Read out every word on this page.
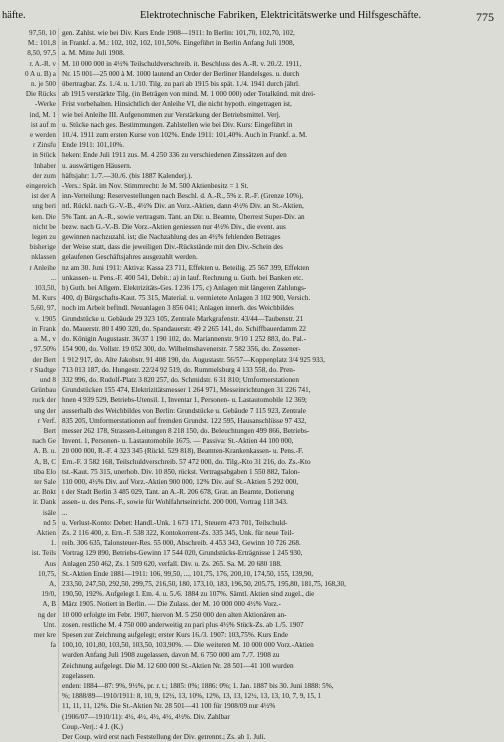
häfte.	Elektrotechnische Fabriken, Elektricitätswerke und Hilfsgeschäfte.	775
97,50, 10
M.: 101,8
8,50, 97,5
r. A.-R. v
0 A u. B) a
n. je 500
Die Rücks
-Werke
ind, M. 1
ist auf m
e werden
r Zinsfu
in Stück
Inhaber
der zum
eingereich
ist der A
ung beri
ken. Die
nicht be
legen zu
bisherige
nklassen
r Anleihe
...
103,50,
M. Kurs
5,60, 97,
v. 1905
in Frank
a. M., v
, 97.50%
der Bert
r Stadtge
und 8
Grünbau
ruck der
ung der
r Verf.
Bert
nach Ge
A. B. u.
A, B, C
tiba Elo
ter Sale
ar. Bnkt
ir. Dank
isäle
nd 5
Aktien
1.
ist. Teils
Aus
10,75,
A,
19/0,
A, B
ng der
Unt.
mer kre
fa
gen. Zahlst. wie bei Div. Kurs Ende 1908—1911: In Berlin: 101,70, 102,70, 102,
in Frankf. a. M.: 102, 102, 102, 101,50%. Eingeführt in Berlin Anfang Juli 1908,
a. M. Mitte Juli 1908.
M. 10 000 000 in 4½% Teilschuldverschreib. it. Beschluss des A.-R. v. 20./2. 1911,
Nr. 15 001—25 000 à M. 1000 lautend an Order der Berliner Handelsges. u. durch
übertragbar. Zs. 1./4. u. 1./10. Tilg. zu pari ab 1915 bis spät. 1./4. 1941 durch jährl.
ab 1915 verstärkte Tilg. (in Beträgen von mind. M. 1 000 000) oder Totalkünd. mit drei-
Frist vorbehalten. Hinsichtlich der Anleihe VI, die nicht hypoth. eingetragen ist,
wie bei Anleihe III. Aufgenommen zur Verstärkung der Betriebsmittel. Verj.
u. Stücke nach ges. Bestimmungen. Zahlstellen wie bei Div. Kurs: Eingeführt in
10./4. 1911 zum ersten Kurse von 102%. Ende 1911: 101,40%. Auch in Frankf. a. M.
Ende 1911: 101,10%.
heken: Ende Juli 1911 zus. M. 4 250 336 zu verschiedenen Zinssätzen auf den
u. auswärtigen Häusern.
häftsjahr: 1./7.—30./6. (bis 1887 Kalenderj.).
-Vers.: Spät. im Nov. Stimmrecht: Je M. 500 Aktienbesitz = 1 St.
inn-Verteilung: Reservestellungen nach Beschl. d. A.-R., 5% z. R.-F. (Grenze 10%),
ntl. Rückl. nach G.-V.-B., 4½% Div. an Vorz.-Aktien, dann 4½% Div. an St.-Aktien,
5% Tant. an A.-R., sowie vertragsm. Tant. an Dir. u. Beamte, Überrest Super-Div. an
bezw. nach G.-V.-B. Die Vorz.-Aktien geniessen nur 4½% Div., die event. aus
gewinnen nachzuzahl. ist; die Nachzahlung des an 4½% fehlenden Betrages
der Weise statt, dass die jeweiligen Div.-Rückstände mit den Div.-Schein des
gelaufenen Geschäftsjahres ausgezahlt werden.
nz am 30. Juni 1911: Aktiva: Kassa 23 711, Effekten u. Beteilig. 25 567 399, Effekten
unkassen- u. Pens.-F. 400 541, Debit.: a) in lauf. Rechnung u. Guth. bei Banken etc.
b) Guth. bei Allgem. Elektrizitäts-Ges. I 236 175, c) Anlagen mit längeren Zahlungs-
400, d) Bürgschafts-Kaut. 75 315, Material. u. vermietete Anlagen 3 102 900, Versich.
noch im Arbeit befindl. Neuanlagen 3 856 041; Anlagen innerh. des Weichbildes
Grundstücke u. Gebäude 29 323 105, Zentrale Markgrafenstr. 43/44—Taubenstr. 21
do. Mauerstr. 80 I 490 320, do. Spandauerstr. 49 2 265 141, do. Schiffbauerdamm 22
do. Königin Augustastr. 36/37 1 190 102, do. Mariannenstr. 9/10 1 252 883, do. Pal.-
154 900, do. Vollstr. 19 052 300, do. Wilhelmshavenerstr. 7 582 356, do. Zossener-
1 912 917, do. Alte Jakobstr. 91 408 190, do. Augustastr. 56/57—Koppenplatz 3/4 925 933,
713 013 187, do. Hungestr. 22/24 92 519, do. Rummelsburg 4 133 558, do. Pren-
332 996, do. Rudolf-Platz 3 820 257, do. Schmidstr. 6 31 810; Umformerstationen
Grundstücken 155 474, Elektrizitätsmesser 1 264 971, Messeinrichtungen 31 226 741,
hnen 4 939 529, Betriebs-Utensil. 1, Inventar 1, Personen- u. Lastautomobile 12 369;
ausserhalb des Weichbildes von Berlin: Grundstücke u. Gebäude 7 115 923, Zentrale
835 205, Umformerstationen auf fremden Grundst. 122 595, Hausanschlüsse 97 432,
messer 262 178, Strassen-Leitungen 8 218 150, do. Beleuchtungen 499 866, Betriebs-
Invent. 1, Personen- u. Lastautomobile 1675. — Passiva: St.-Aktien 44 100 000,
20 000 000, R.-F. 4 323 345 (Rückl. 529 818), Beamten-Krankenkassen- u. Pens.-F.
Ern.-F. 3 582 168, Teilschuldverschreib. 57 472 000, do. Tilg.-Kto 31 216, do. Zs.-Kto
tst.-Kaut. 75 315, unerhob. Div. 10 850, rückst. Vertragsabgaben 1 550 882, Talon-
110 000, 4½% Div. auf Vorz.-Aktien 900 000, 12% Div. auf St.-Aktien 5 292 000,
t der Stadt Berlin 3 485 029, Tant. an A.-R. 206 678, Grat. an Beamte, Dotierung
assen- u. des Pens.-F., sowie für Wohlfahrtseinricht. 200 000, Vortrag 118 343.
...
u. Verlust-Konto: Debet: Handl.-Unk. 1 673 171, Steuern 473 701, Teilschuld-
Zs. 2 116 400, z. Ern.-F. 538 322, Kontokorrent-Zs. 335 345, Unk. für neue Teil-
reib. 306 635, Talonsteuer-Res. 55 000, Abschreib. 4 453 343, Gewinn 10 726 268.
Vortrag 129 890, Betriebs-Gewinn 17 544 020, Grundstücks-Erträgnisse 1 245 930,
Anlagen 250 462, Zs. 1 509 620, verfall. Div. u. Zs. 265. Sa. M. 20 680 188.
St.-Aktien Ende 1881—1911: 106, 99,50, ..., 101,75, 176, 200,10, 174,50, 155, 139,90,
233,50, 247,50, 292,50, 299,75, 216,50, 180, 173,10, 183, 196,50, 205,75, 195,80, 181,75, 168,30,
190,50, 192%. Aufgelegt I. Em. 4. u. 5./6. 1884 zu 107%. Sämtl. Aktien sind zugel., die
März 1905. Notiert in Berlin. — Die Zulass. der M. 10 000 000 4½% Vorz.-
10 000 erfolgte im Febr. 1907, hiervon M. 5 250 000 den alten Aktionären an-
zosen. restliche M. 4 750 000 anderweitig zu pari plus 4½% Stück-Zs. ab 1./5. 1907
Spesen zur Zeichnung aufgelegt; erster Kurs 16./3. 1907: 103,75%. Kurs Ende
100,10, 101,80, 103,50, 103,50, 103,90%. — Die weiteren M. 10 000 000 Vorz.-Aktien
wurden Anfang Juli 1908 zugelassen, davon M. 6 750 000 am 7./7. 1908 zu
Zeichnung aufgelegt. Die M. 12 600 000 St.-Aktien Nr. 28 501—41 100 wurden
zugelassen.
enden: 1884—87: 9%, 9½%, pr. r. t.; 1885: 0%; 1886: 0%; 1. Jan. 1887 bis 30. Juni 1888: 5%,
%; 1888/89—1910/1911: 8, 10, 9, 12½, 13, 10%, 12%, 13, 13, 12½, 13, 13, 10, 7, 9, 15, 1
11, 11, 11, 12%. Die St.-Aktien Nr. 28 501—41 100 für 1908/09 nur 4½%
(1906/07—1910/11): 4½, 4½, 4½, 4½, 4½%. Div. Zahlbar
Coup.-Verj.: 4 J. (K.)
Der Coup. wird erst nach Feststellung der Div. getrennt.; Zs. ab 1. Juli.
